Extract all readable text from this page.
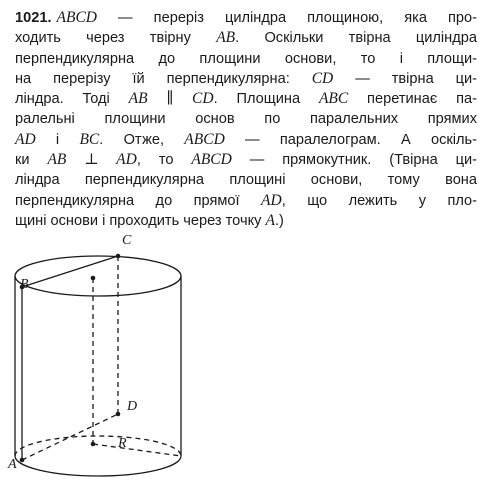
1021. ABCD — переріз циліндра площиною, яка про-
ходить через твірну AB. Оскільки твірна циліндра
перпендикулярна до площини основи, то і площи-
на перерізу їй перпендикулярна: CD — твірна ци-
ліндра. Тоді AB ∥ CD. Площина ABC перетинає па-
ралельні площини основ по паралельних прямих
AD і BC. Отже, ABCD — паралелограм. А оскіль-
ки AB ⊥ AD, то ABCD — прямокутник. (Твірна ци-
ліндра перпендикулярна площині основи, тому вона
перпендикулярна до прямої AD, що лежить у пло-
щині основи і проходить через точку A.)
C
B
D
R
A
